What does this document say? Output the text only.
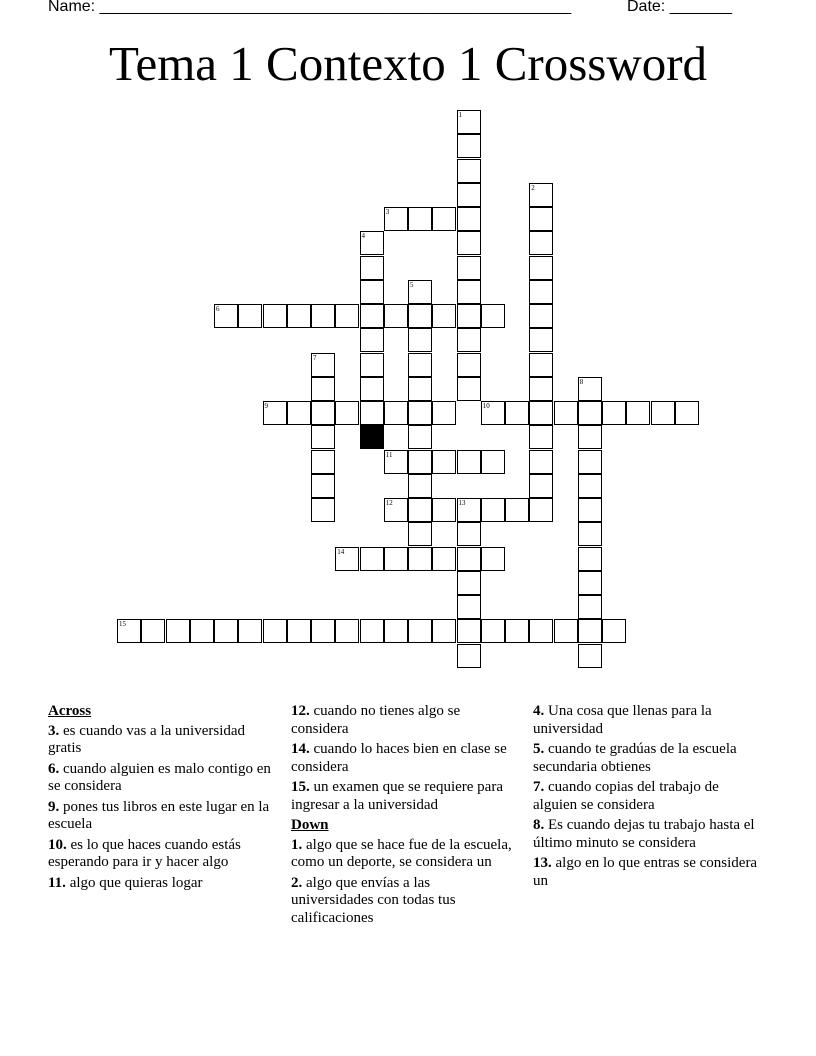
Name: _____________________________________________________	Date: _______
Tema 1 Contexto 1 Crossword
1
2
3
4
5
6
7
8
9	10
11
12	13
14
15
Across
3. es cuando vas a la universidad gratis
6. cuando alguien es malo contigo en se considera
9. pones tus libros en este lugar en la escuela
10. es lo que haces cuando estás esperando para ir y hacer algo
11. algo que quieras logar
12. cuando no tienes algo se considera
14. cuando lo haces bien en clase se considera
15. un examen que se requiere para ingresar a la universidad
Down
1. algo que se hace fue de la escuela, como un deporte, se considera un
2. algo que envías a las universidades con todas tus calificaciones
4. Una cosa que llenas para la universidad
5. cuando te gradúas de la escuela secundaria obtienes
7. cuando copias del trabajo de alguien se considera
8. Es cuando dejas tu trabajo hasta el último minuto se considera
13. algo en lo que entras se considera un
